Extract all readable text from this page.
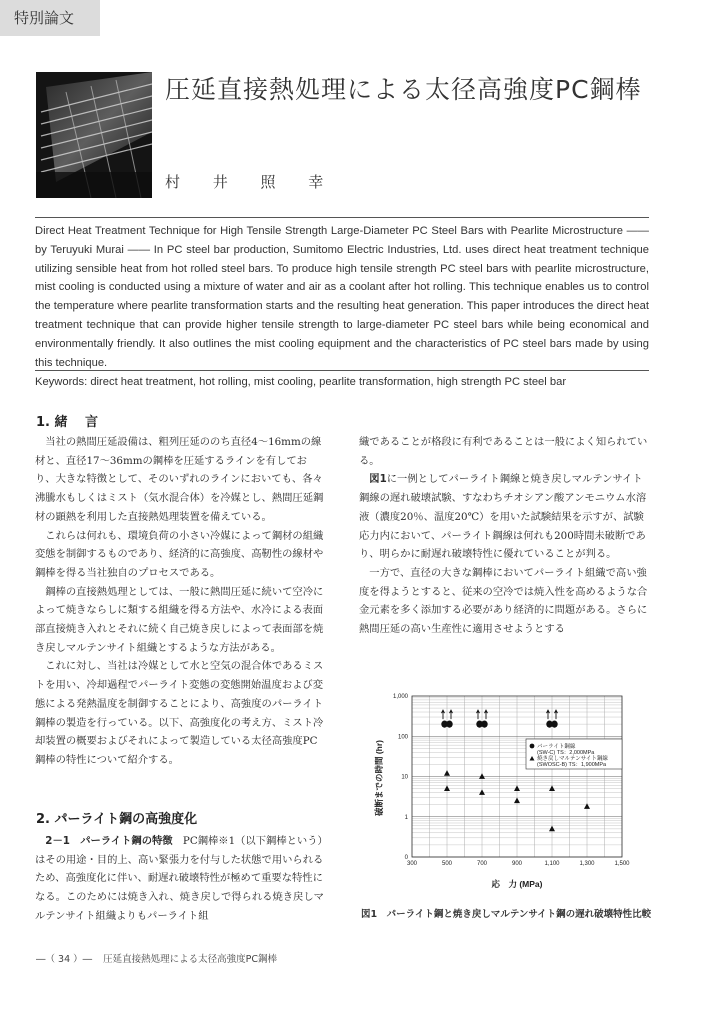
特別論文
圧延直接熱処理による太径高強度PC鋼棒
村 井 照 幸
Direct Heat Treatment Technique for High Tensile Strength Large-Diameter PC Steel Bars with Pearlite Microstructure ―― by Teruyuki Murai ―― In PC steel bar production, Sumitomo Electric Industries, Ltd. uses direct heat treatment technique utilizing sensible heat from hot rolled steel bars. To produce high tensile strength PC steel bars with pearlite microstructure, mist cooling is conducted using a mixture of water and air as a coolant after hot rolling. This technique enables us to control the temperature where pearlite transformation starts and the resulting heat generation. This paper introduces the direct heat treatment technique that can provide higher tensile strength to large-diameter PC steel bars while being economical and environmentally friendly. It also outlines the mist cooling equipment and the characteristics of PC steel bars made by using this technique.
Keywords: direct heat treatment, hot rolling, mist cooling, pearlite transformation, high strength PC steel bar
1. 緒　 言

当社の熱間圧延設備は、粗列圧延ののち直径4～16mmの線材と、直径17～36mmの鋼棒を圧延するラインを有しており、大きな特徴として、そのいずれのラインにおいても、各々沸騰水もしくはミスト（気水混合体）を冷媒とし、熱間圧延鋼材の顕熱を利用した直接熱処理装置を備えている。

これらは何れも、環境負荷の小さい冷媒によって鋼材の組織変態を制御するものであり、経済的に高強度、高靭性の線材や鋼棒を得る当社独自のプロセスである。

鋼棒の直接熱処理としては、一般に熱間圧延に続いて空冷によって焼きならしに類する組織を得る方法や、水冷による表面部直接焼き入れとそれに続く自己焼き戻しによって表面部を焼き戻しマルテンサイト組織とするような方法がある。

これに対し、当社は冷媒として水と空気の混合体であるミストを用い、冷却過程でパーライト変態の変態開始温度および変態による発熱温度を制御することにより、高強度のパーライト鋼棒の製造を行っている。以下、高強度化の考え方、ミスト冷却装置の概要およびそれによって製造している太径高強度PC鋼棒の特性について紹介する。

2. パーライト鋼の高強度化

2－1　パーライト鋼の特徴　 PC鋼棒※1（以下鋼棒という）はその用途・目的上、高い緊張力を付与した状態で用いられるため、高強度化に伴い、耐遅れ破壊特性が極めて重要な特性になる。このためには焼き入れ、焼き戻しで得られる焼き戻しマルテンサイト組織よりもパーライト組

織であることが格段に有利であることは一般によく知られている。

図1に一例としてパーライト鋼線と焼き戻しマルテンサイト鋼線の遅れ破壊試験、すなわちチオシアン酸アンモニウム水溶液（濃度20％、温度20℃）を用いた試験結果を示すが、試験応力内において、パーライト鋼線は何れも200時間未破断であり、明らかに耐遅れ破壊特性に優れていることが判る。

一方で、直径の大きな鋼棒においてパーライト組織で高い強度を得ようとすると、従来の空冷では焼入性を高めるような合金元素を多く添加する必要があり経済的に問題がある。さらに熱間圧延の高い生産性に適用させようとする

0
1
10
100
1,000
300	500	700	900	1,100	1,300	1,500
パーライト鋼線(SW-C) TS：2,000MPa
焼き戻しマルテンサイト鋼線(SWOSC-B) TS：1,900MPa
破断までの時間 (hr)
応　力 (MPa)
図1　パーライト鋼と焼き戻しマルテンサイト鋼の遅れ破壊特性比較
―（ 34 ）― 圧延直接熱処理による太径高強度PC鋼棒
